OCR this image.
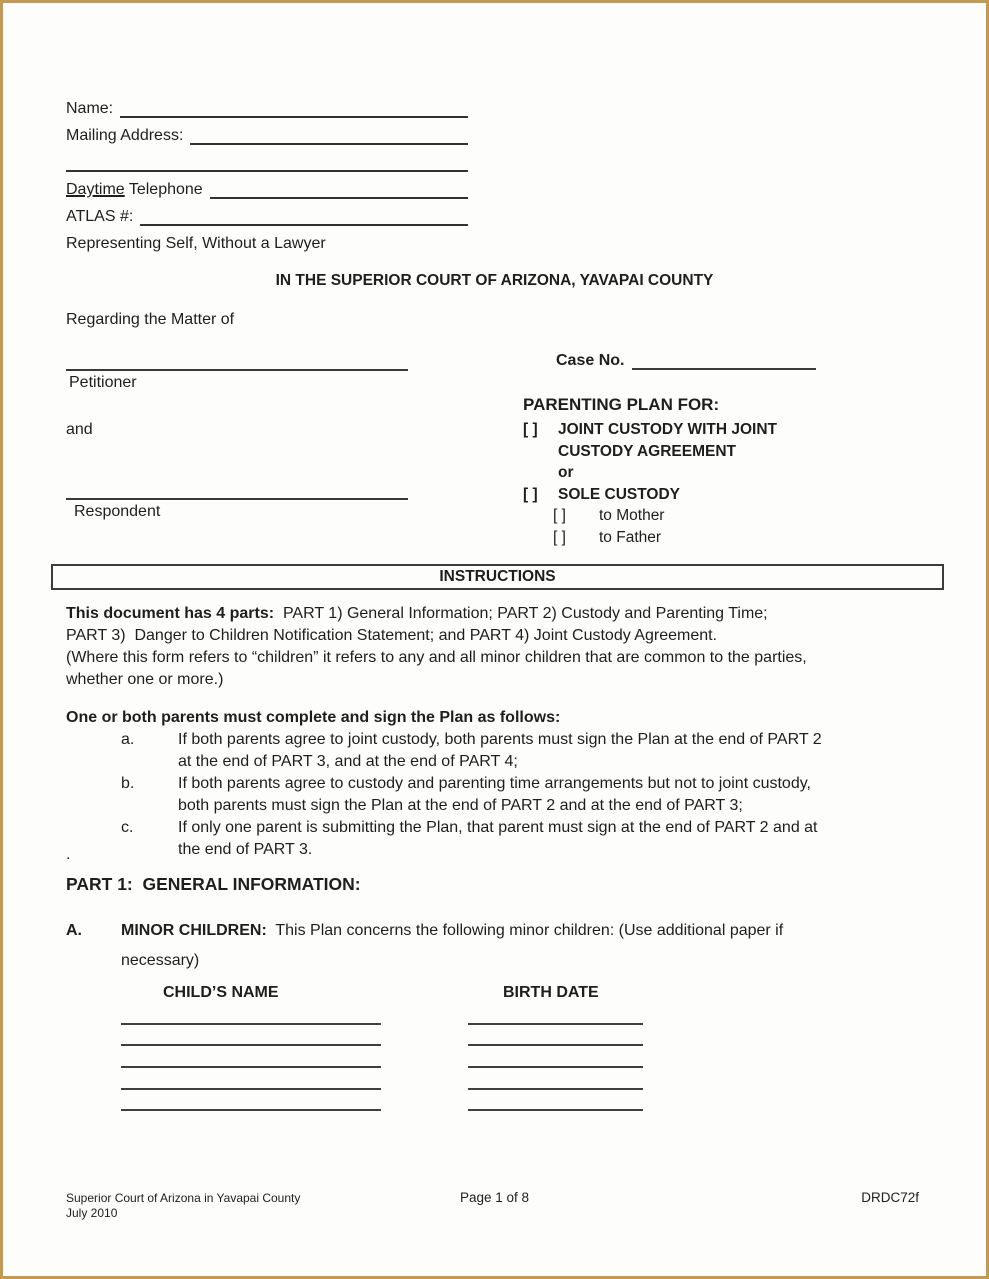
Name:
Mailing Address:
Daytime Telephone
ATLAS #:
Representing Self, Without a Lawyer
IN THE SUPERIOR COURT OF ARIZONA, YAVAPAI COUNTY
Regarding the Matter of
Petitioner
and
Respondent
Case No.
PARENTING PLAN FOR:
[ ]	JOINT CUSTODY WITH JOINT
CUSTODY AGREEMENT
or
[ ]	SOLE CUSTODY
[ ]	to Mother
[ ]	to Father
INSTRUCTIONS
This document has 4 parts:  PART 1) General Information; PART 2) Custody and Parenting Time;
PART 3)  Danger to Children Notification Statement; and PART 4) Joint Custody Agreement.
(Where this form refers to “children” it refers to any and all minor children that are common to the parties,
whether one or more.)
One or both parents must complete and sign the Plan as follows:
a.	If both parents agree to joint custody, both parents must sign the Plan at the end of PART 2
at the end of PART 3, and at the end of PART 4;
b.	If both parents agree to custody and parenting time arrangements but not to joint custody,
both parents must sign the Plan at the end of PART 2 and at the end of PART 3;
c.	If only one parent is submitting the Plan, that parent must sign at the end of PART 2 and at
the end of PART 3.
.
PART 1:  GENERAL INFORMATION:
A.	MINOR CHILDREN:  This Plan concerns the following minor children: (Use additional paper if
necessary)
CHILD’S NAME	BIRTH DATE
Superior Court of Arizona in Yavapai County
July 2010
Page 1 of 8	DRDC72f
